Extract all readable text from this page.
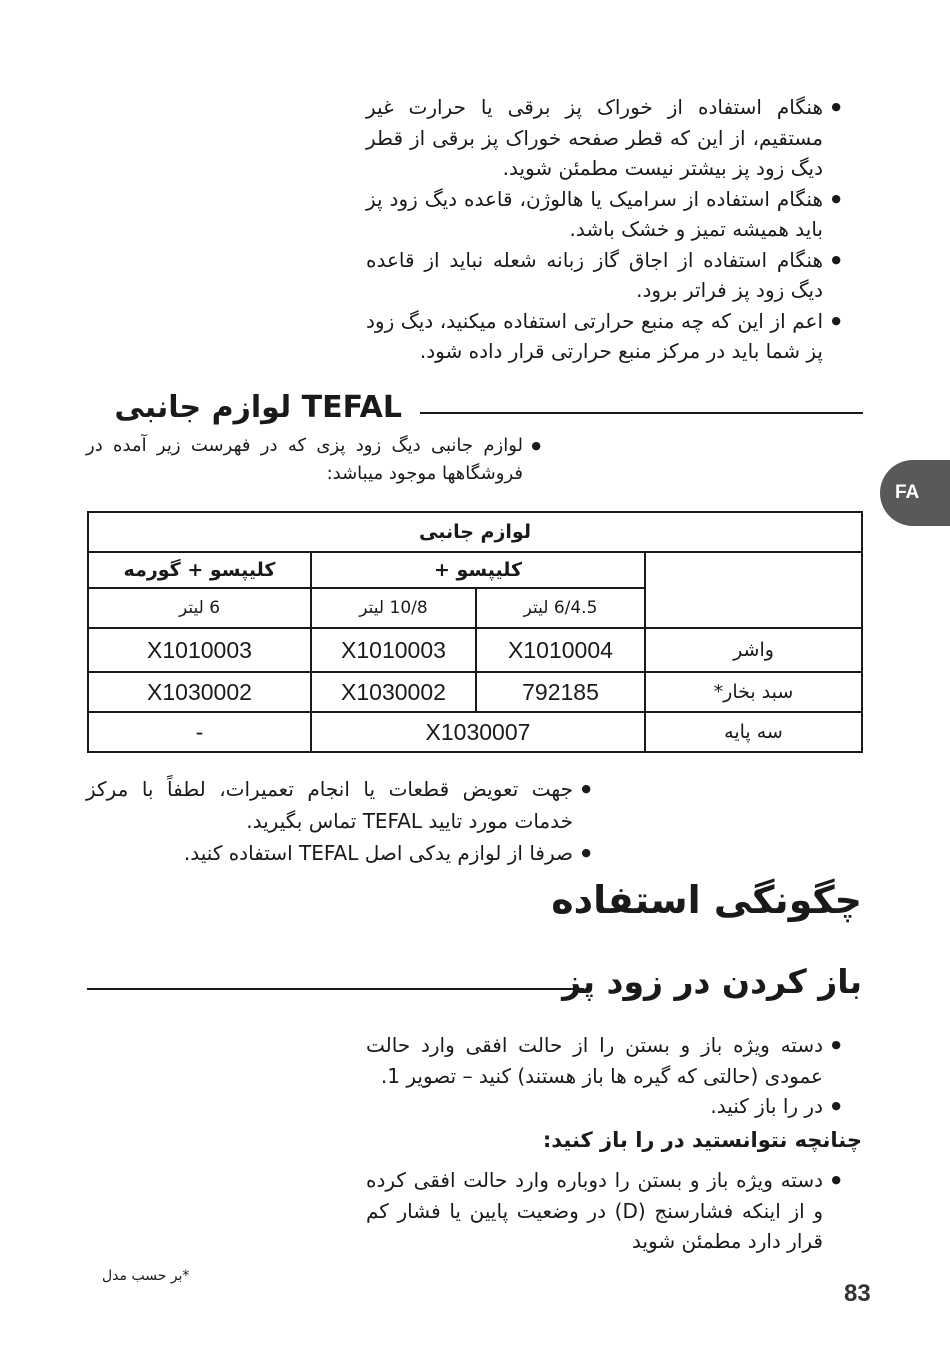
● هنگام استفاده از خوراک پز برقی یا حرارت غیر مستقیم، از این که قطر صفحه خوراک پز برقی از قطر دیگ زود پز بیشتر نیست مطمئن شوید.
● هنگام استفاده از سرامیک یا هالوژن، قاعده دیگ زود پز باید همیشه تمیز و خشک باشد.
● هنگام استفاده از اجاق گاز زبانه شعله نباید از قاعده دیگ زود پز فراتر برود.
● اعم از این که چه منبع حرارتی استفاده میکنید، دیگ زود پز شما باید در مرکز منبع حرارتی قرار داده شود.
TEFAL لوازم جانبی
● لوازم جانبی دیگ زود پزی که در فهرست زیر آمده در فروشگاهها موجود میباشد:
FA
لوازم جانبی			
	کلیپسو +		کلیپسو + گورمه
	6/4.5 لیتر	10/8 لیتر	6 لیتر
واشر	X1010004	X1010003	X1010003
سبد بخار*	792185	X1030002	X1030002
سه پایه	X1030007		-
● جهت تعویض قطعات یا انجام تعمیرات، لطفاً با مرکز خدمات مورد تایید TEFAL تماس بگیرید.
● صرفا از لوازم یدکی اصل TEFAL استفاده کنید.
چگونگی استفاده
باز کردن در زود پز
● دسته ویژه باز و بستن را از حالت افقی وارد حالت عمودی (حالتی که گیره ها باز هستند) کنید – تصویر 1.
● در را باز کنید.
چنانچه نتوانستید در را باز کنید:
● دسته ویژه باز و بستن را دوباره وارد حالت افقی کرده و از اینکه فشارسنج (D) در وضعیت پایین یا فشار کم قرار دارد مطمئن شوید
*بر حسب مدل
83
